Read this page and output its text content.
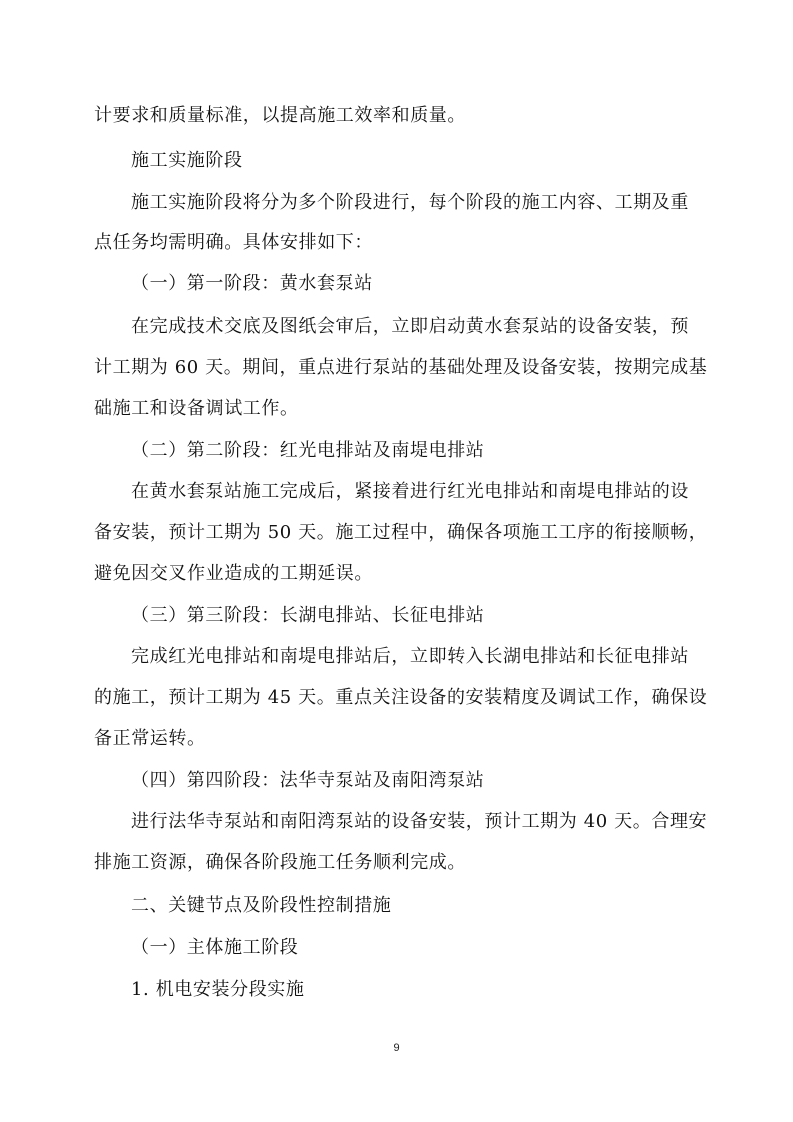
计要求和质量标准，以提高施工效率和质量。
施工实施阶段
施工实施阶段将分为多个阶段进行，每个阶段的施工内容、工期及重
点任务均需明确。具体安排如下：
（一）第一阶段：黄水套泵站
在完成技术交底及图纸会审后，立即启动黄水套泵站的设备安装，预
计工期为 60 天。期间，重点进行泵站的基础处理及设备安装，按期完成基
础施工和设备调试工作。
（二）第二阶段：红光电排站及南堤电排站
在黄水套泵站施工完成后，紧接着进行红光电排站和南堤电排站的设
备安装，预计工期为 50 天。施工过程中，确保各项施工工序的衔接顺畅，
避免因交叉作业造成的工期延误。
（三）第三阶段：长湖电排站、长征电排站
完成红光电排站和南堤电排站后，立即转入长湖电排站和长征电排站
的施工，预计工期为 45 天。重点关注设备的安装精度及调试工作，确保设
备正常运转。
（四）第四阶段：法华寺泵站及南阳湾泵站
进行法华寺泵站和南阳湾泵站的设备安装，预计工期为 40 天。合理安
排施工资源，确保各阶段施工任务顺利完成。
二、关键节点及阶段性控制措施
（一）主体施工阶段
1. 机电安装分段实施
9
